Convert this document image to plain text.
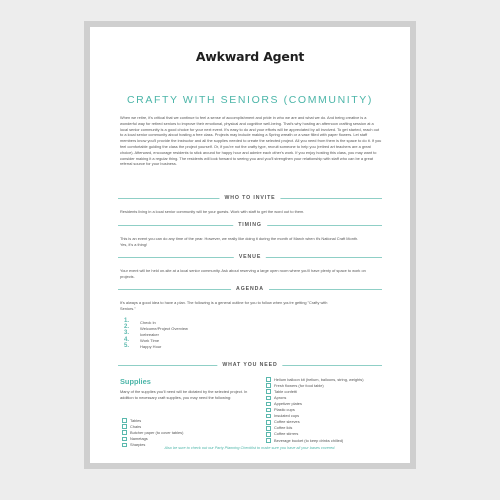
Awkward Agent
CRAFTY WITH SENIORS (COMMUNITY)

When we retire, it's critical that we continue to feel a sense of accomplishment and pride in who we are and what we do. And being creative is a wonderful way for retired seniors to improve their emotional, physical and cognitive well-being. That's why hosting an afternoon crafting session at a local senior community is a good choice for your next event. It's easy to do and your efforts will be appreciated by all involved. To get started, reach out to a local senior community about hosting a free class. Projects may include making a Spring wreath or a vase filled with paper flowers. Let staff members know you'll provide the instructor and all the supplies needed to create the selected project. All you need from them is the space to do it. If you feel comfortable guiding the class the project yourself. Or, if you're not the crafty type, recruit someone to help you (retired art teachers are a great choice). Afterward, encourage residents to stick around for happy hour and admire each other's work. If you enjoy hosting this class, you may want to consider making it a regular thing. The residents will look forward to seeing you and you'll strengthen your relationship with staff who can be a great referral source for your business.

WHO TO INVITE

Residents living in a local senior community will be your guests. Work with staff to get the word out to them.

TIMING

This is an event you can do any time of the year. However, we really like doing it during the month of March when it's National Craft Month. Yes, it's a thing!

VENUE

Your event will be held on-site at a local senior community. Ask about reserving a large open room where you'll have plenty of space to work on projects.

AGENDA

It's always a good idea to have a plan. The following is a general outline for you to follow when you're getting "Crafty with Seniors."

1.	Check In
2.	Welcome/Project Overview
3.	Icebreaker
4.	Work Time
5.	Happy Hour
WHAT YOU NEED
Supplies

Many of the supplies you'll need will be dictated by the selected project. In addition to necessary craft supplies, you may need the following:

Tables
Chairs
Butcher paper (to cover tables)
Nametags
Sharpies
Helium balloon kit (helium, balloons, string, weights)
Fresh flowers (for food table)
Table confetti
Aprons
Appetizer plates
Plastic cups
Insulated cups
Coffee sleeves
Coffee lids
Coffee stirrers
Beverage bucket (to keep drinks chilled)
Also be sure to check out our Party Planning Checklist to make sure you have all your bases covered.
